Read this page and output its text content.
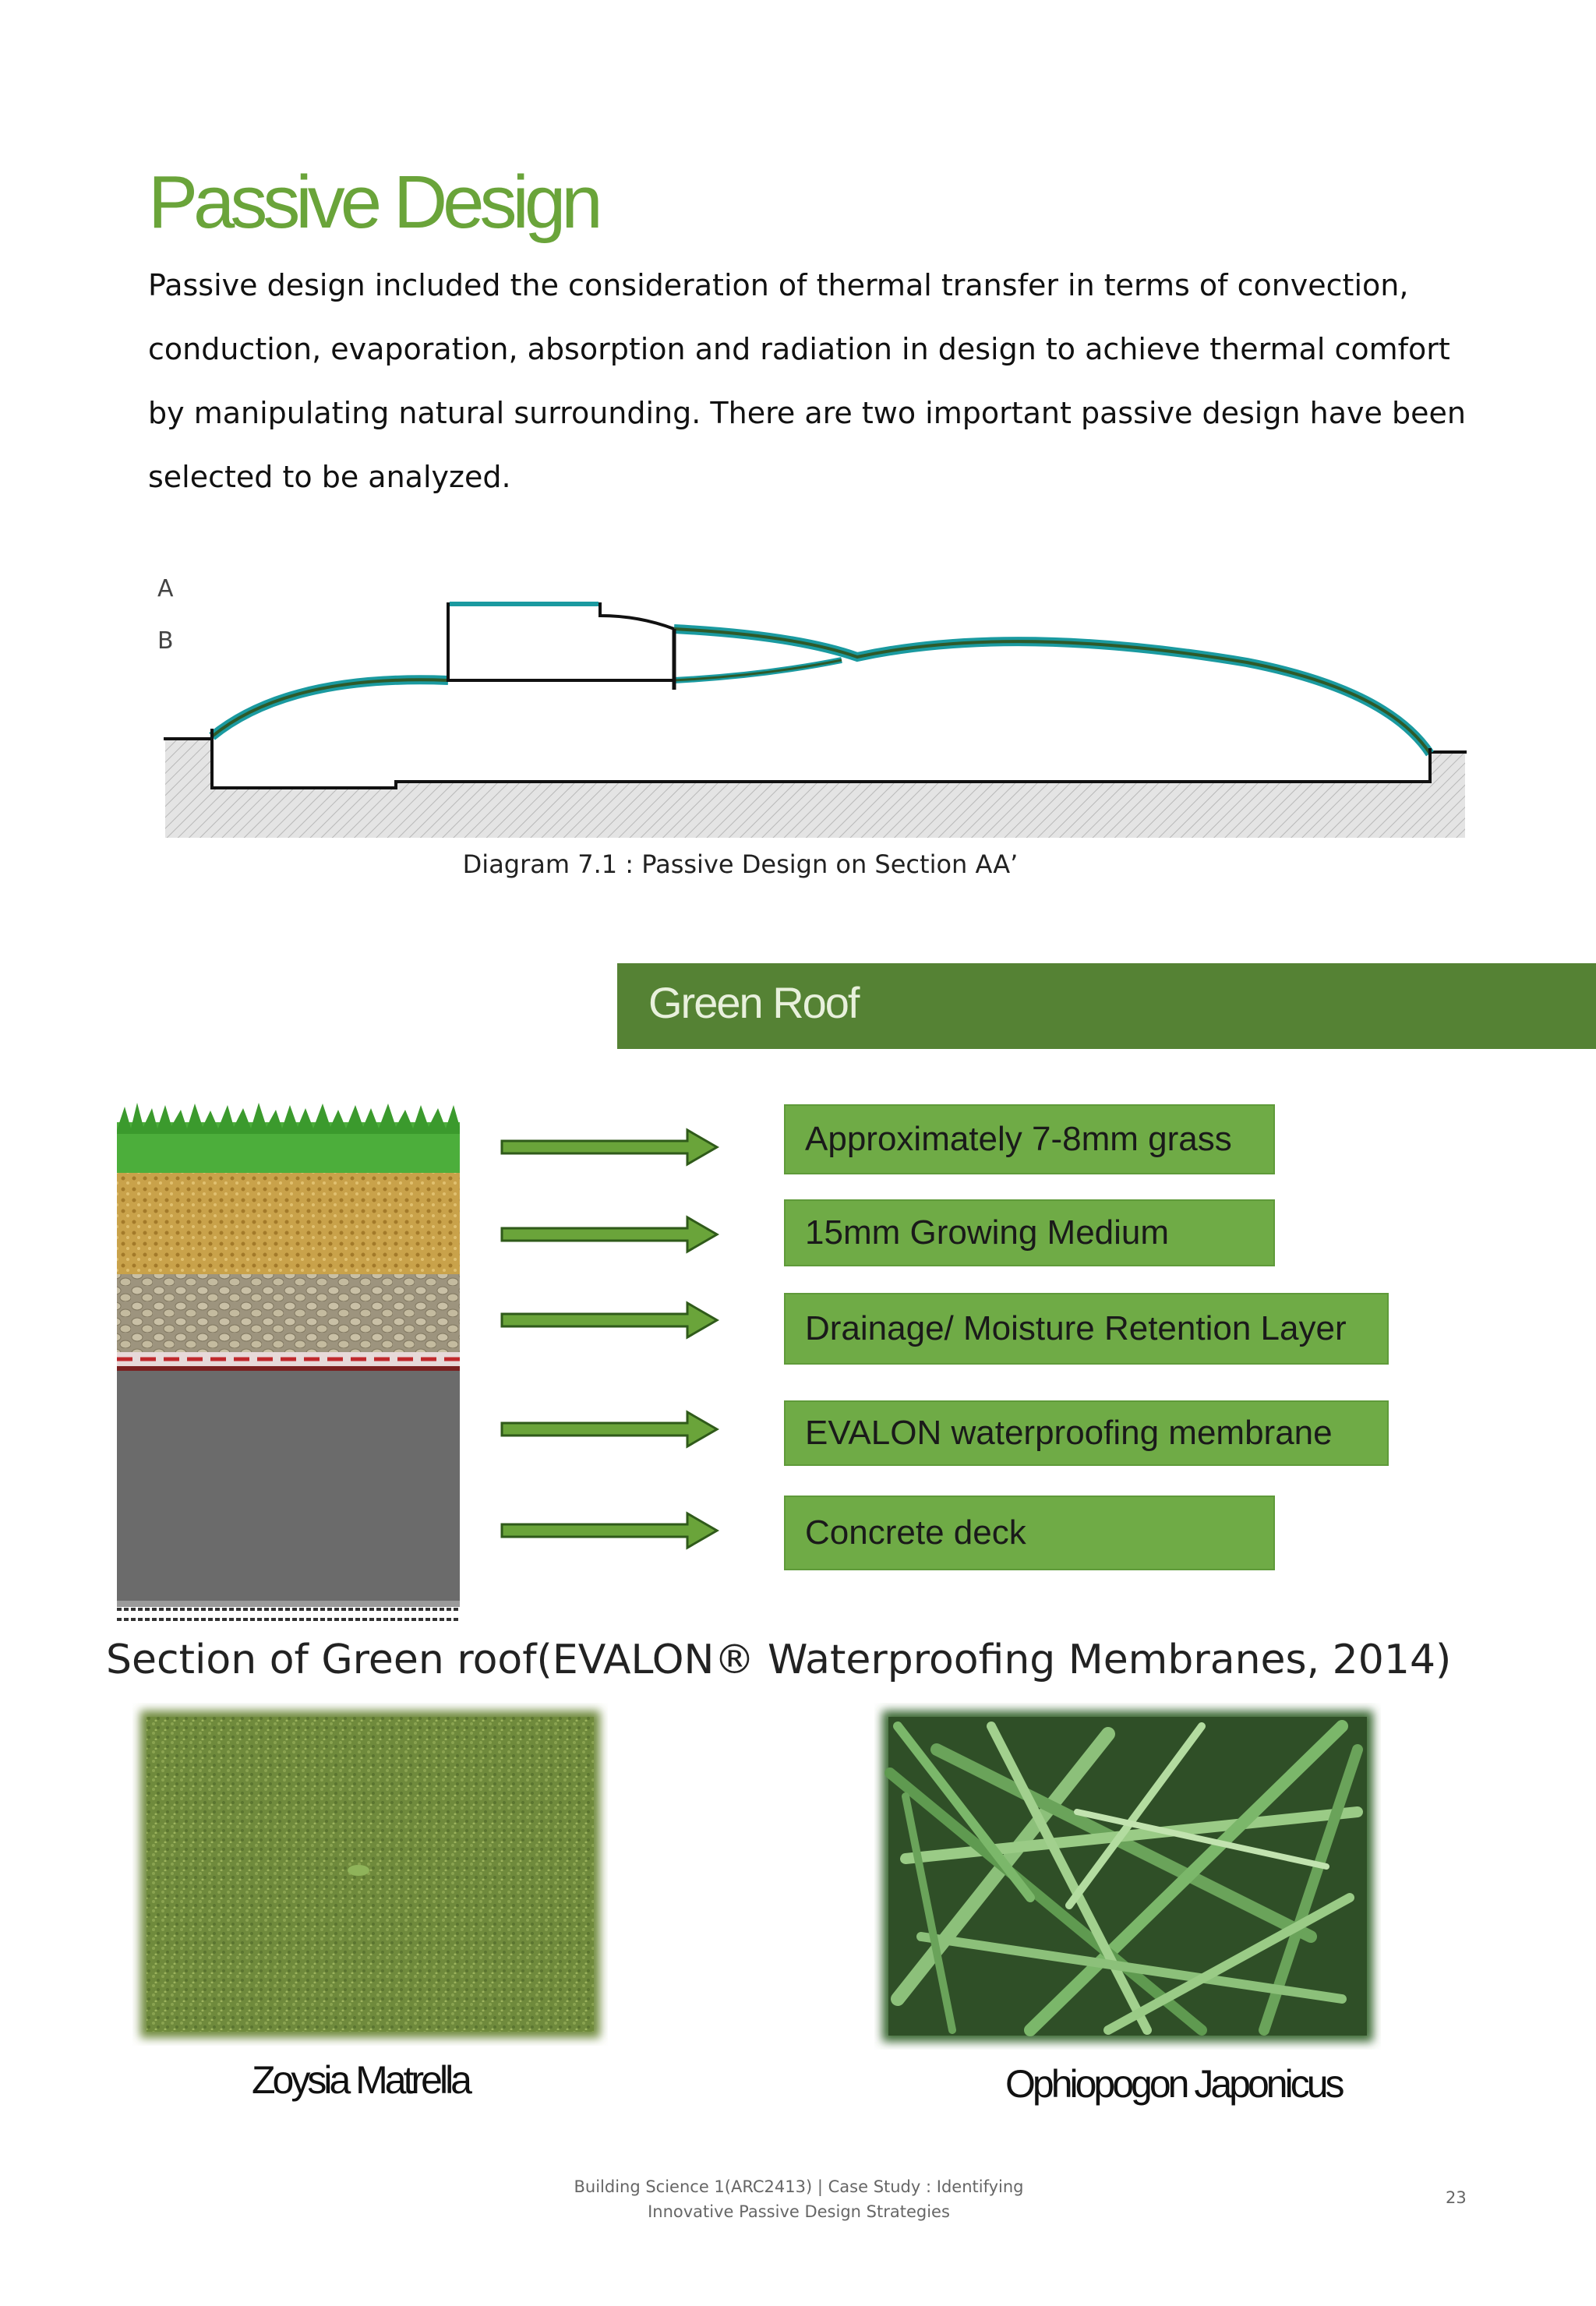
Passive Design

Passive design included the consideration of thermal transfer in terms of convection,

conduction, evaporation, absorption and radiation in design to achieve thermal comfort

by manipulating natural surrounding. There are two important passive design have been

selected to be analyzed.

A
B
Diagram 7.1 : Passive Design on Section AA’
Green Roof
Approximately 7-8mm grass
15mm Growing Medium
Drainage/ Moisture Retention Layer
EVALON waterproofing membrane
Concrete deck
Section of Green roof(EVALON® Waterproofing Membranes, 2014)
Zoysia Matrella	Ophiopogon Japonicus
Building Science 1(ARC2413) | Case Study : Identifying
Innovative Passive Design Strategies
23
